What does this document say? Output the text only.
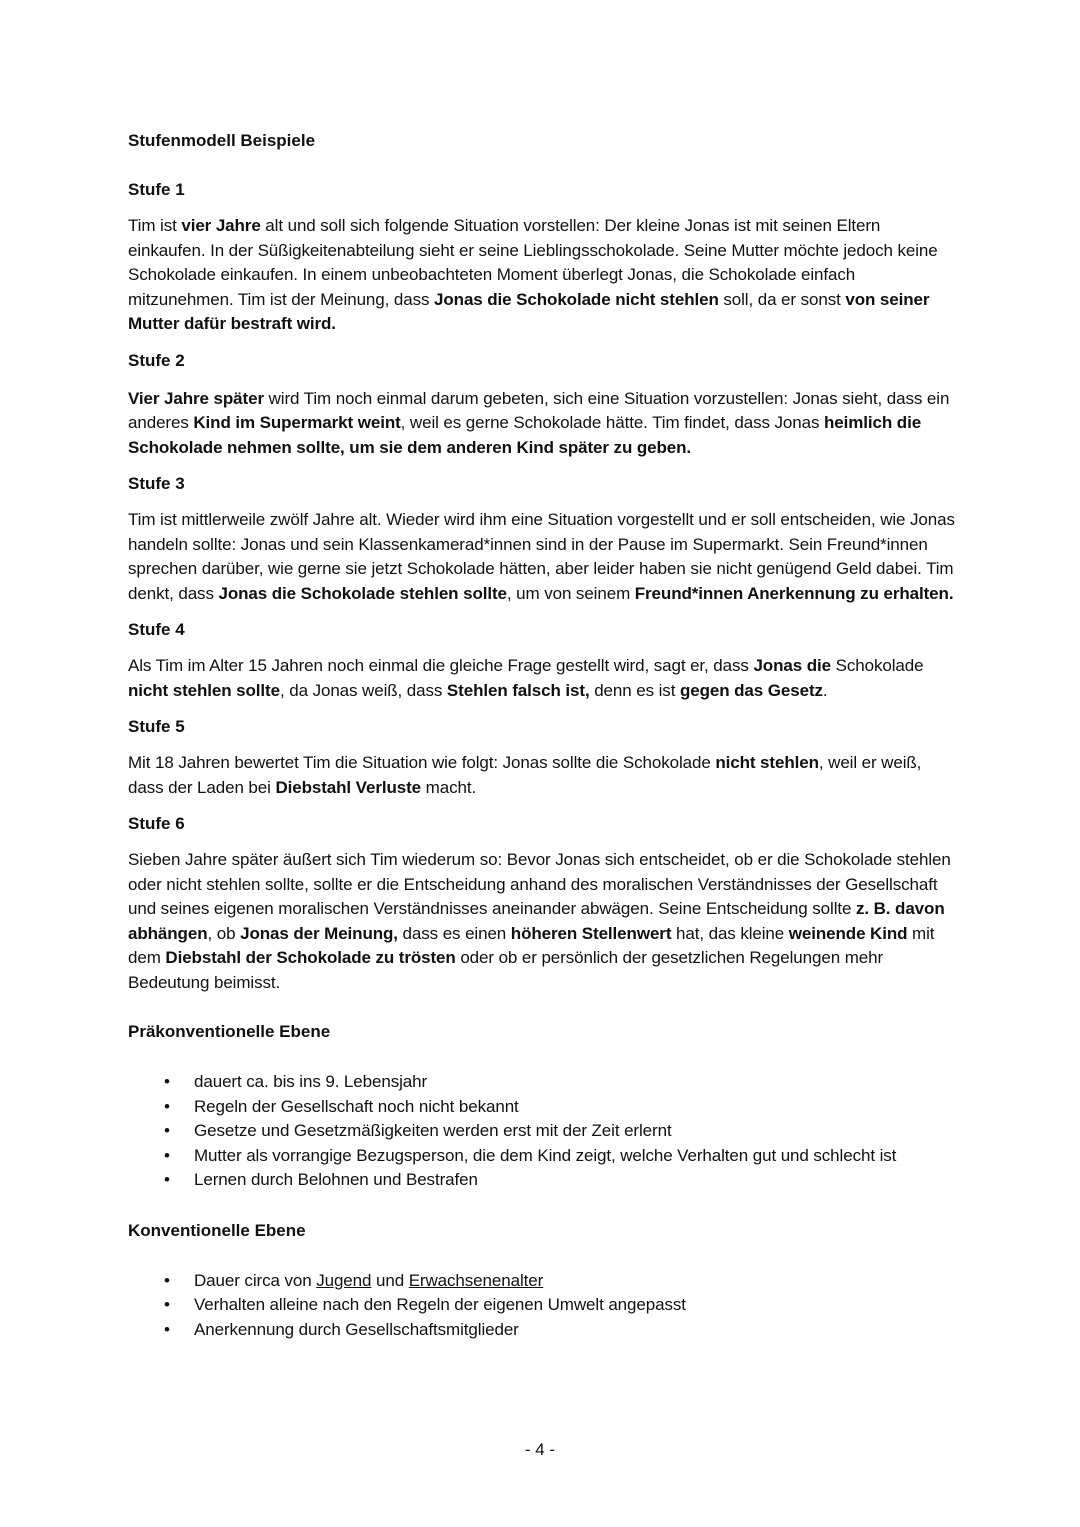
Stufenmodell Beispiele
Stufe 1

Tim ist vier Jahre alt und soll sich folgende Situation vorstellen: Der kleine Jonas ist mit seinen Eltern einkaufen. In der Süßigkeitenabteilung sieht er seine Lieblingsschokolade. Seine Mutter möchte jedoch keine Schokolade einkaufen. In einem unbeobachteten Moment überlegt Jonas, die Schokolade einfach mitzunehmen. Tim ist der Meinung, dass Jonas die Schokolade nicht stehlen soll, da er sonst von seiner Mutter dafür bestraft wird.

Stufe 2

Vier Jahre später wird Tim noch einmal darum gebeten, sich eine Situation vorzustellen: Jonas sieht, dass ein anderes Kind im Supermarkt weint, weil es gerne Schokolade hätte. Tim findet, dass Jonas heimlich die Schokolade nehmen sollte, um sie dem anderen Kind später zu geben.

Stufe 3

Tim ist mittlerweile zwölf Jahre alt. Wieder wird ihm eine Situation vorgestellt und er soll entscheiden, wie Jonas handeln sollte: Jonas und sein Klassenkamerad*innen sind in der Pause im Supermarkt. Sein Freund*innen sprechen darüber, wie gerne sie jetzt Schokolade hätten, aber leider haben sie nicht genügend Geld dabei. Tim denkt, dass Jonas die Schokolade stehlen sollte, um von seinem Freund*innen Anerkennung zu erhalten.

Stufe 4

Als Tim im Alter 15 Jahren noch einmal die gleiche Frage gestellt wird, sagt er, dass Jonas die Schokolade nicht stehlen sollte, da Jonas weiß, dass Stehlen falsch ist, denn es ist gegen das Gesetz.

Stufe 5

Mit 18 Jahren bewertet Tim die Situation wie folgt: Jonas sollte die Schokolade nicht stehlen, weil er weiß, dass der Laden bei Diebstahl Verluste macht.

Stufe 6

Sieben Jahre später äußert sich Tim wiederum so: Bevor Jonas sich entscheidet, ob er die Schokolade stehlen oder nicht stehlen sollte, sollte er die Entscheidung anhand des moralischen Verständnisses der Gesellschaft und seines eigenen moralischen Verständnisses aneinander abwägen. Seine Entscheidung sollte z. B. davon abhängen, ob Jonas der Meinung, dass es einen höheren Stellenwert hat, das kleine weinende Kind mit dem Diebstahl der Schokolade zu trösten oder ob er persönlich der gesetzlichen Regelungen mehr Bedeutung beimisst.

Präkonventionelle Ebene
• dauert ca. bis ins 9. Lebensjahr
• Regeln der Gesellschaft noch nicht bekannt
• Gesetze und Gesetzmäßigkeiten werden erst mit der Zeit erlernt
• Mutter als vorrangige Bezugsperson, die dem Kind zeigt, welche Verhalten gut und schlecht ist
• Lernen durch Belohnen und Bestrafen
Konventionelle Ebene
• Dauer circa von Jugend und Erwachsenenalter
• Verhalten alleine nach den Regeln der eigenen Umwelt angepasst
• Anerkennung durch Gesellschaftsmitglieder
- 4 -
